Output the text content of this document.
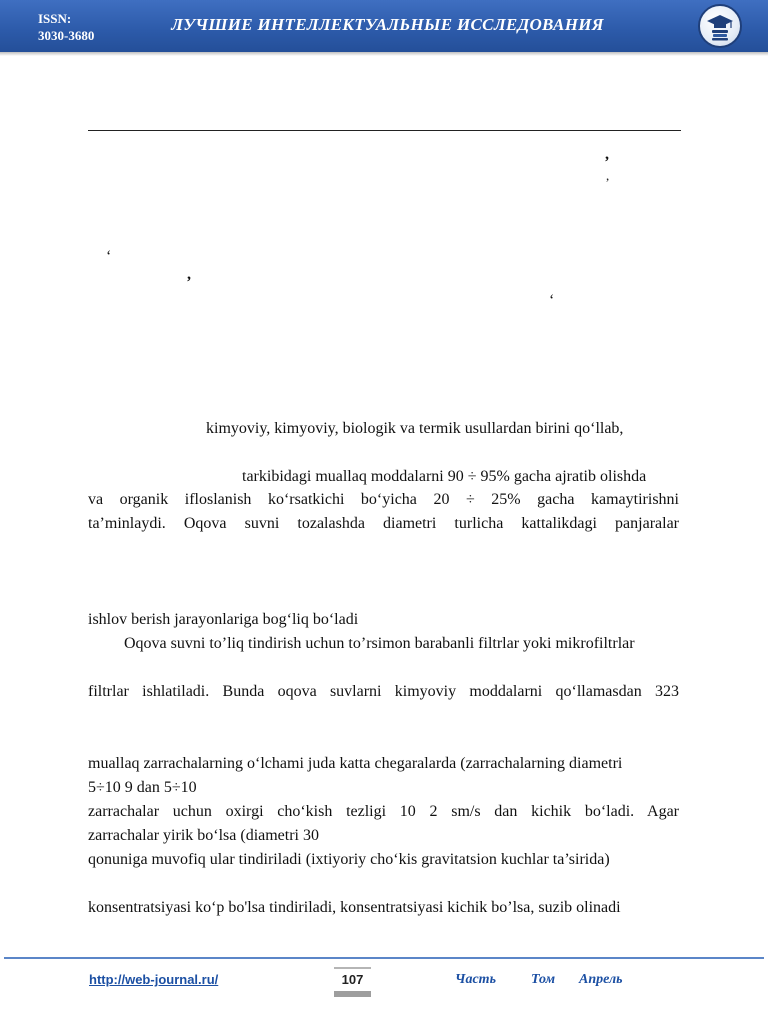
ISSN:
3030-3680
ЛУЧШИЕ ИНТЕЛЛЕКТУАЛЬНЫЕ ИССЛЕДОВАНИЯ
,
,
‘
,
‘
kimyoviy, kimyoviy, biologik va termik usullardan birini qo‘llab,
tarkibidagi muallaq moddalarni 90 ÷ 95% gacha ajratib olishda
va organik ifloslanish ko‘rsatkichi bo‘yicha 20 ÷ 25% gacha kamaytirishni
ta’minlaydi. Oqova suvni tozalashda diametri turlicha kattalikdagi panjaralar
ishlov berish jarayonlariga bog‘liq bo‘ladi
Oqova suvni to’liq tindirish uchun to’rsimon barabanli filtrlar yoki mikrofiltrlar
filtrlar ishlatiladi. Bunda oqova suvlarni kimyoviy moddalarni qo‘llamasdan 323
muallaq zarrachalarning o‘lchami juda katta chegaralarda (zarrachalarning diametri
5÷10 9 dan 5÷10
zarrachalar uchun oxirgi cho‘kish tezligi 10 2 sm/s dan kichik bo‘ladi. Agar
zarrachalar yirik bo‘lsa (diametri 30
qonuniga muvofiq ular tindiriladi (ixtiyoriy cho‘kis gravitatsion kuchlar ta’sirida)
konsentratsiyasi ko‘p bo'lsa tindiriladi, konsentratsiyasi kichik bo’lsa, suzib olinadi
http://web-journal.ru/	107	Часть	Том Апрель
